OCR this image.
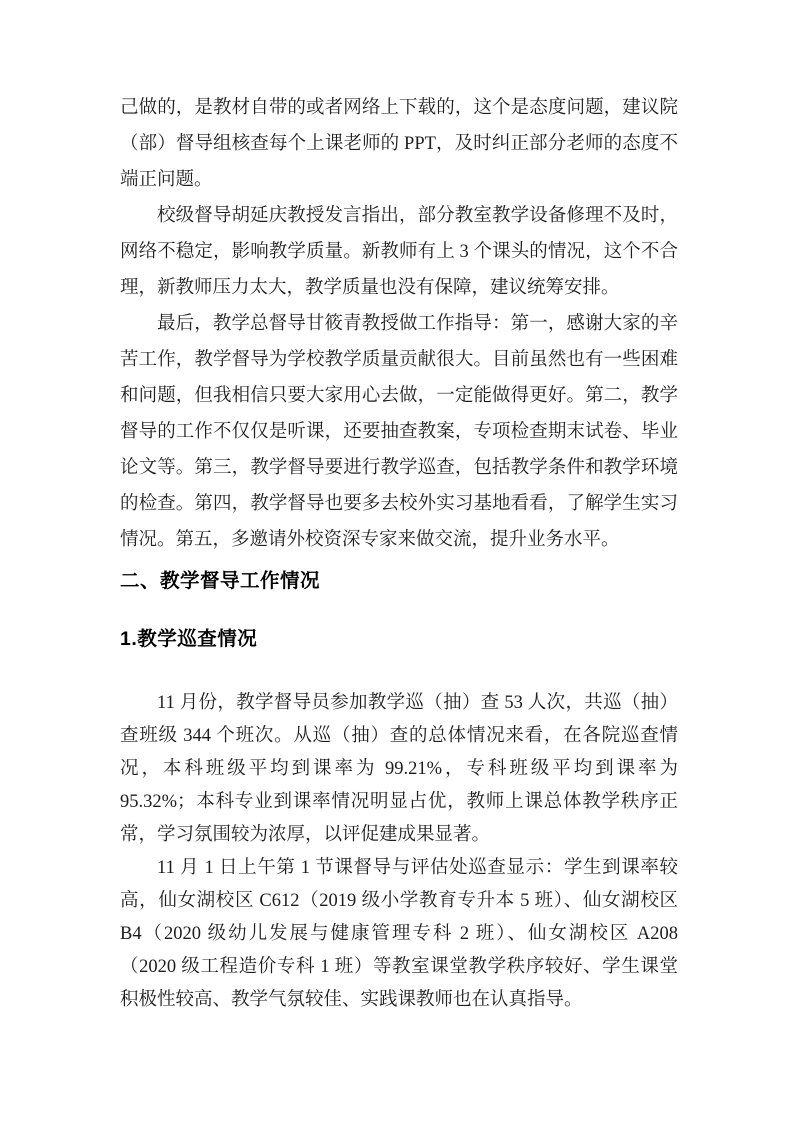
己做的，是教材自带的或者网络上下载的，这个是态度问题，建议院（部）督导组核查每个上课老师的 PPT，及时纠正部分老师的态度不端正问题。

校级督导胡延庆教授发言指出，部分教室教学设备修理不及时，网络不稳定，影响教学质量。新教师有上 3 个课头的情况，这个不合理，新教师压力太大，教学质量也没有保障，建议统筹安排。

最后，教学总督导甘筱青教授做工作指导：第一，感谢大家的辛苦工作，教学督导为学校教学质量贡献很大。目前虽然也有一些困难和问题，但我相信只要大家用心去做，一定能做得更好。第二，教学督导的工作不仅仅是听课，还要抽查教案，专项检查期末试卷、毕业论文等。第三，教学督导要进行教学巡查，包括教学条件和教学环境的检查。第四，教学督导也要多去校外实习基地看看，了解学生实习情况。第五，多邀请外校资深专家来做交流，提升业务水平。

二、教学督导工作情况
1.教学巡查情况

11 月份，教学督导员参加教学巡（抽）查 53 人次，共巡（抽）查班级 344 个班次。从巡（抽）查的总体情况来看，在各院巡查情况，本科班级平均到课率为 99.21%，专科班级平均到课率为 95.32%；本科专业到课率情况明显占优，教师上课总体教学秩序正常，学习氛围较为浓厚，以评促建成果显著。

11 月 1 日上午第 1 节课督导与评估处巡查显示：学生到课率较高，仙女湖校区 C612（2019 级小学教育专升本 5 班）、仙女湖校区 B4（2020 级幼儿发展与健康管理专科 2 班）、仙女湖校区 A208（2020 级工程造价专科 1 班）等教室课堂教学秩序较好、学生课堂积极性较高、教学气氛较佳、实践课教师也在认真指导。
